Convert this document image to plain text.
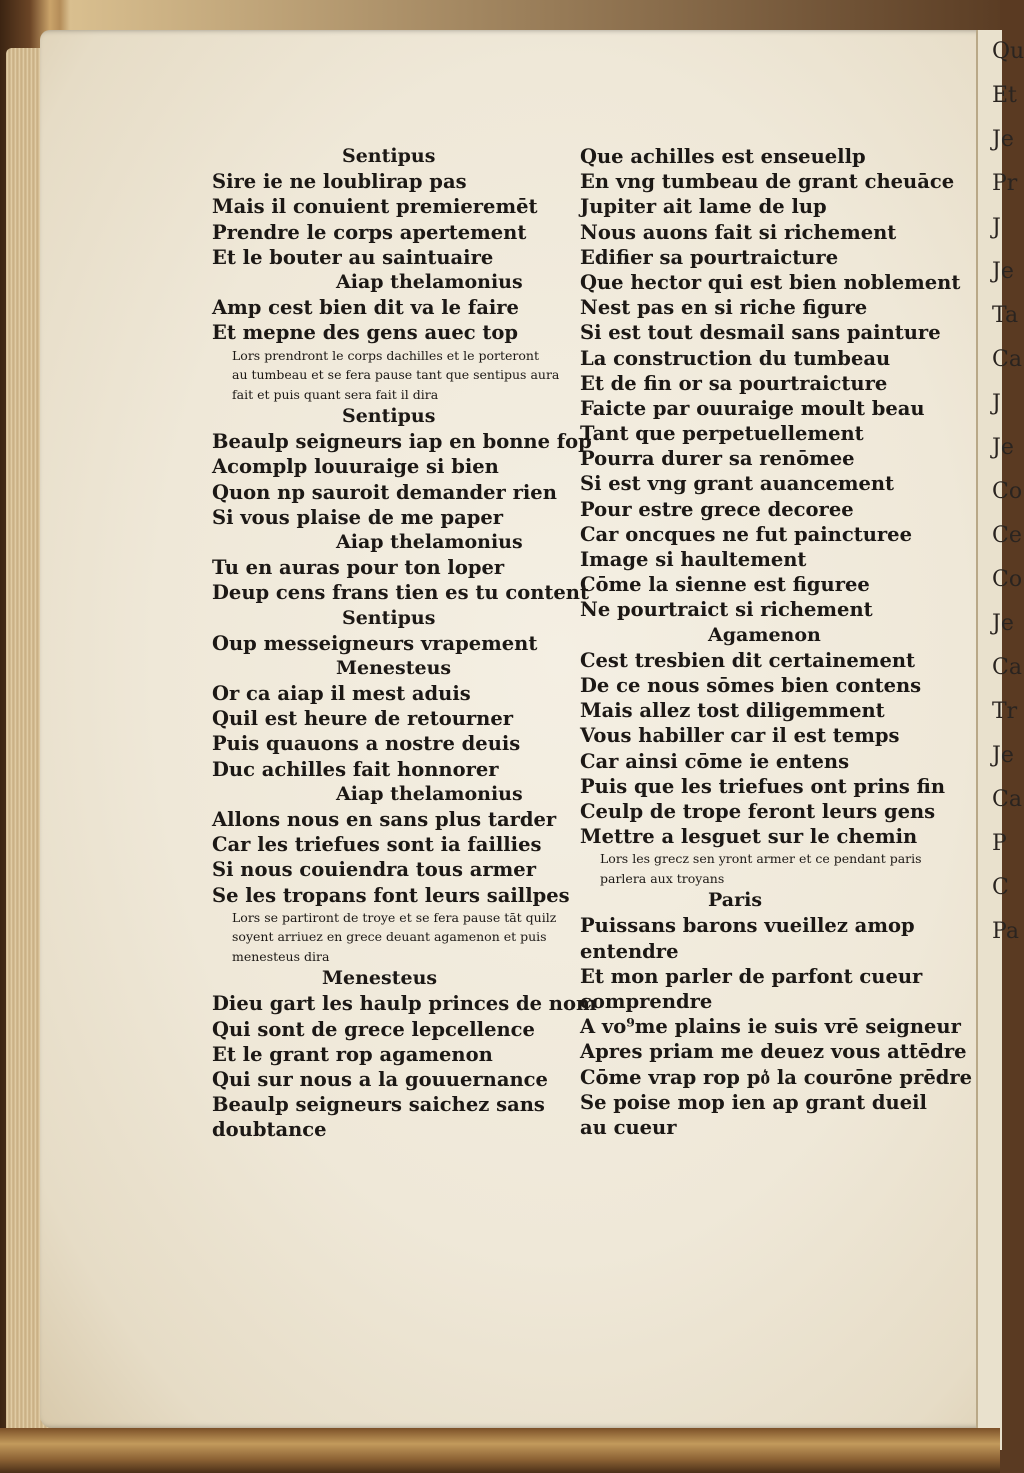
Qu
Et
Je
Pr
J
Je
Ta
Ca
J
Je
Co
Ce
Co
Je
Ca
Tr
Je
Ca
P
C
Pa
Sentipus
Sire ie ne loublirap pas
Mais il conuient premieremēt
Prendre le corps apertement
Et le bouter au saintuaire
Aiap thelamonius
Amp cest bien dit va le faire
Et mepne des gens auec top
Lors prendront le corps dachilles et le porteront
au tumbeau et se fera pause tant que sentipus aura
fait et puis quant sera fait il dira
Sentipus
Beaulp seigneurs iap en bonne fop
Acomplp louuraige si bien
Quon np sauroit demander rien
Si vous plaise de me paper
Aiap thelamonius
Tu en auras pour ton loper
Deup cens frans tien es tu content
Sentipus
Oup messeigneurs vrapement
Menesteus
Or ca aiap il mest aduis
Quil est heure de retourner
Puis quauons a nostre deuis
Duc achilles fait honnorer
Aiap thelamonius
Allons nous en sans plus tarder
Car les triefues sont ia faillies
Si nous couiendra tous armer
Se les tropans font leurs saillpes
Lors se partiront de troye et se fera pause tāt quilz
soyent arriuez en grece deuant agamenon et puis
menesteus dira
Menesteus
Dieu gart les haulp princes de nom
Qui sont de grece lepcellence
Et le grant rop agamenon
Qui sur nous a la gouuernance
Beaulp seigneurs saichez sans
doubtance
Que achilles est enseuellp
En vng tumbeau de grant cheuāce
Jupiter ait lame de lup
Nous auons fait si richement
Edifier sa pourtraicture
Que hector qui est bien noblement
Nest pas en si riche figure
Si est tout desmail sans painture
La construction du tumbeau
Et de fin or sa pourtraicture
Faicte par ouuraige moult beau
Tant que perpetuellement
Pourra durer sa renōmee
Si est vng grant auancement
Pour estre grece decoree
Car oncques ne fut paincturee
Image si haultement
Cōme la sienne est figuree
Ne pourtraict si richement
Agamenon
Cest tresbien dit certainement
De ce nous sōmes bien contens
Mais allez tost diligemment
Vous habiller car il est temps
Car ainsi cōme ie entens
Puis que les triefues ont prins fin
Ceulp de trope feront leurs gens
Mettre a lesguet sur le chemin
Lors les grecz sen yront armer et ce pendant paris
parlera aux troyans
Paris
Puissans barons vueillez amop
entendre
Et mon parler de parfont cueur
comprendre
A vo⁹me plains ie suis vrē seigneur
Apres priam me deuez vous attēdre
Cōme vrap rop po͛ la courōne prēdre
Se poise mop ien ap grant dueil
au cueur
